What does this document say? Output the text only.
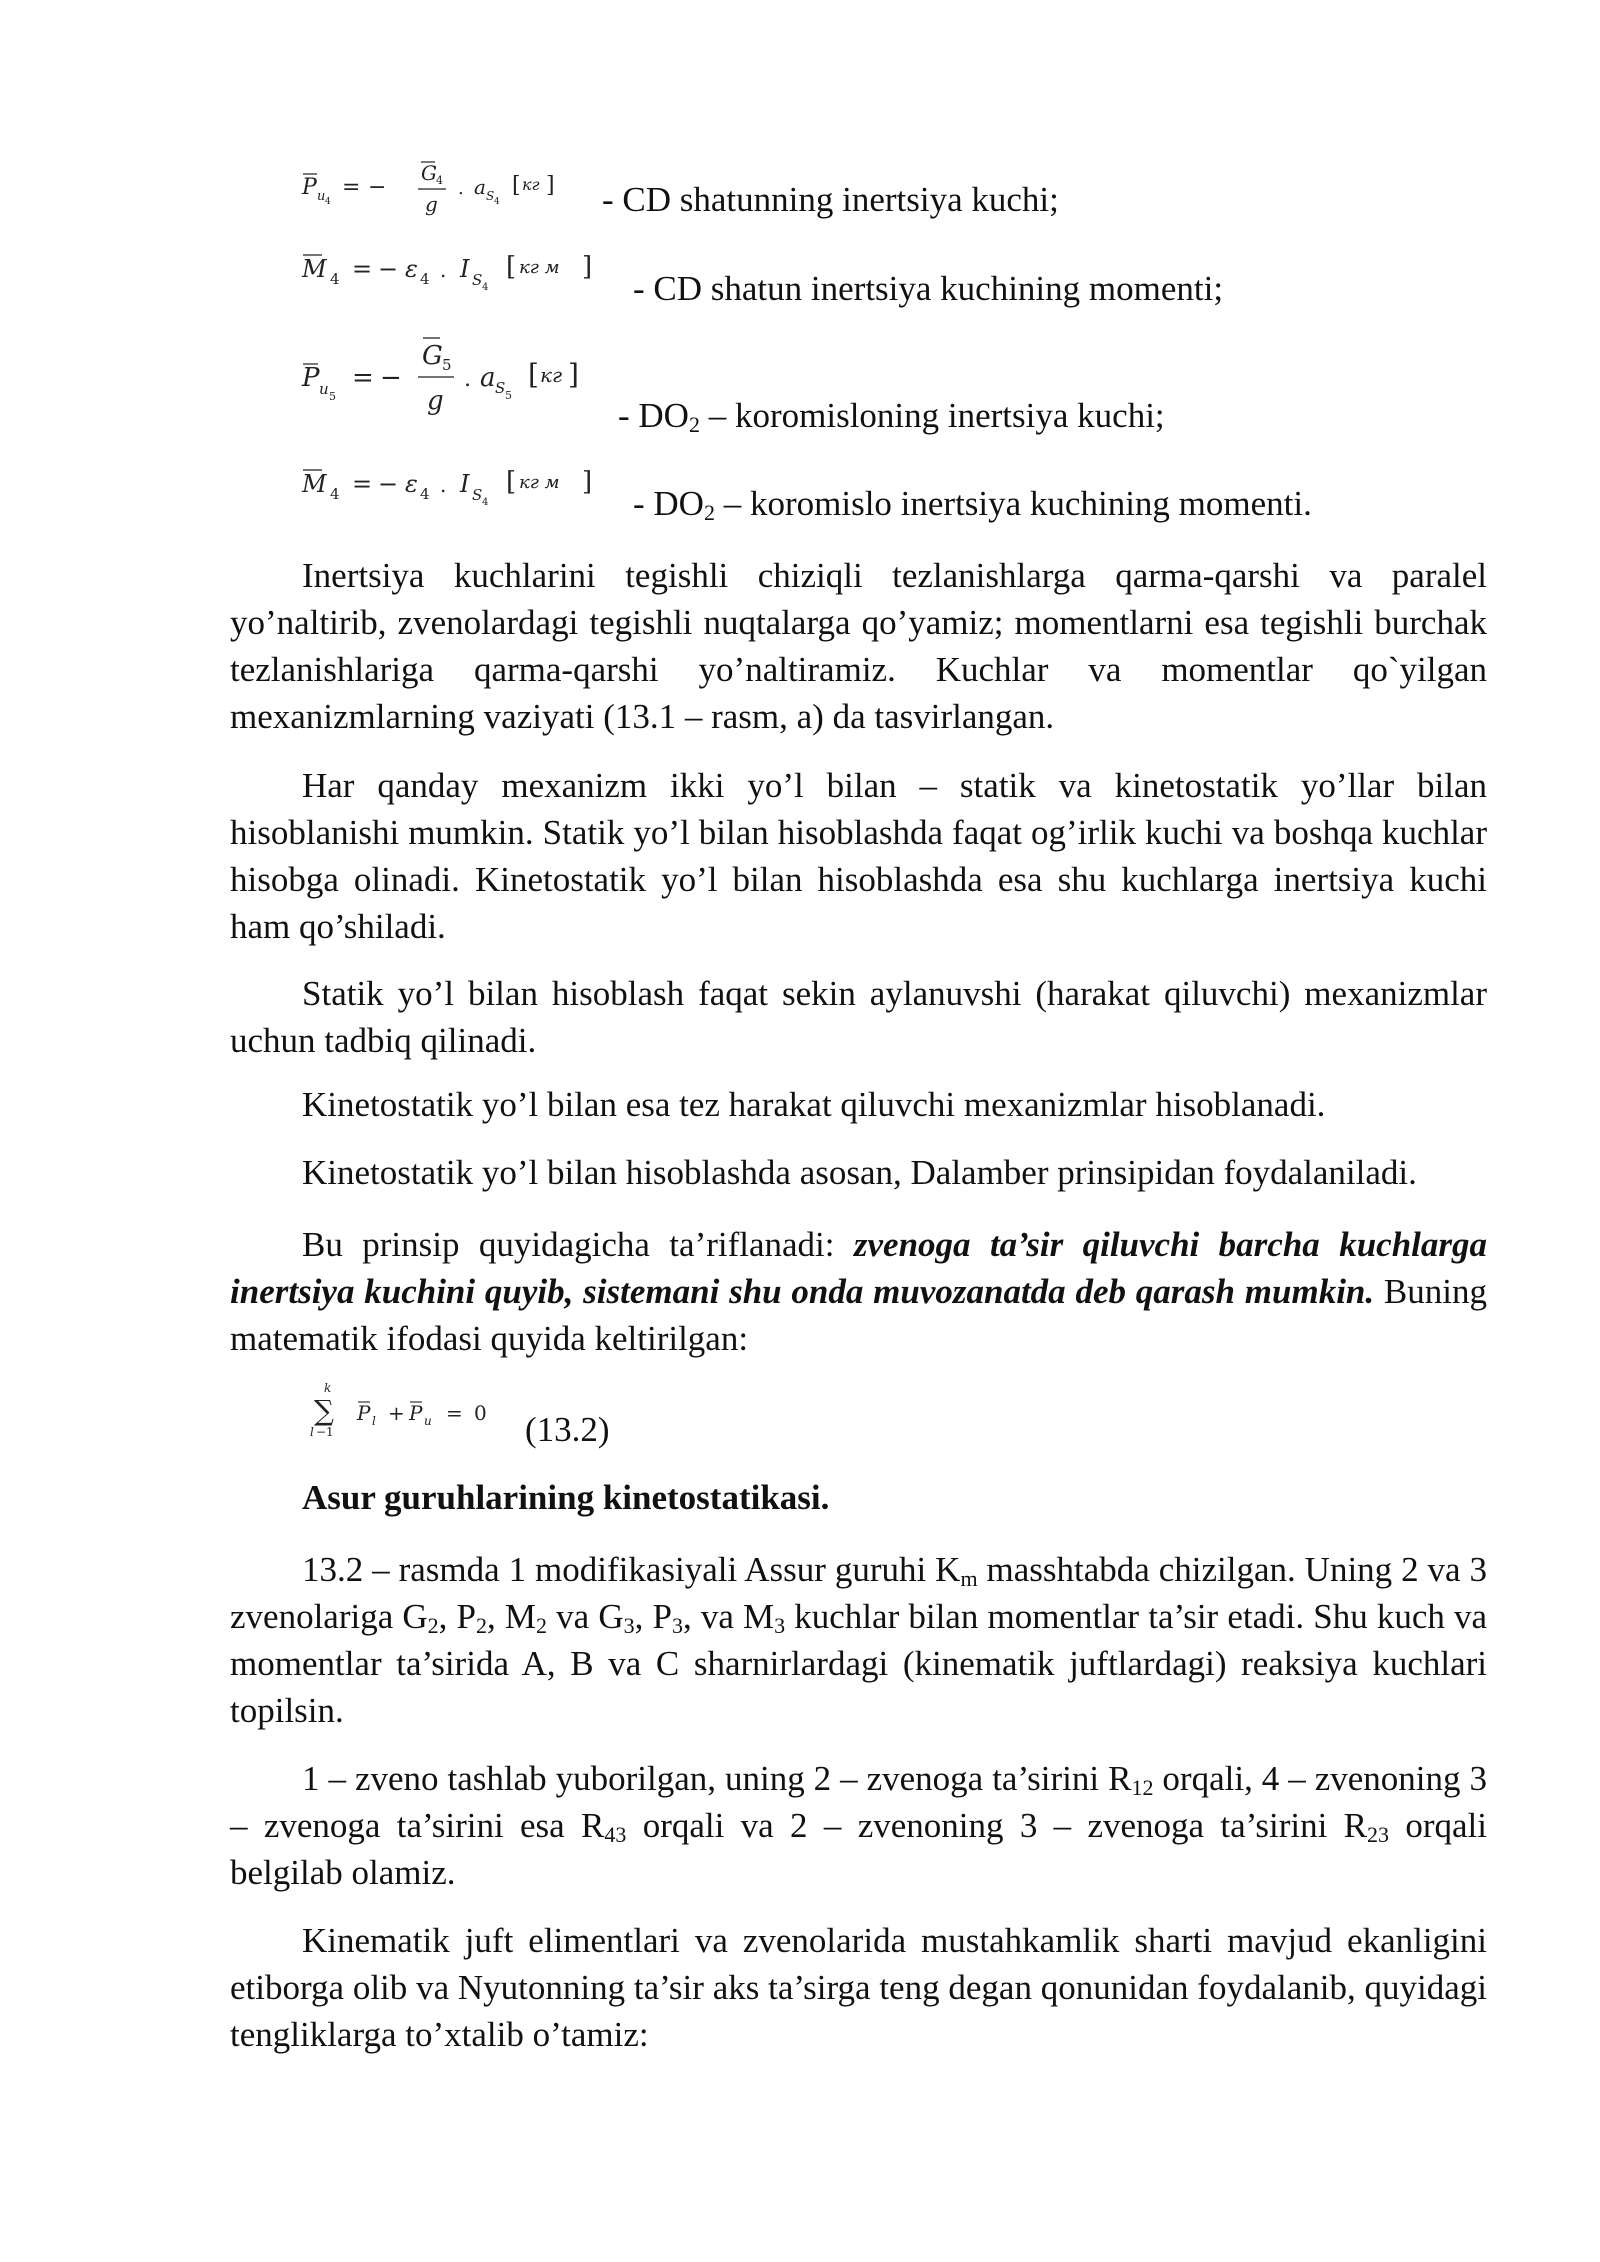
P u 4
= −
G 4
g
. a S 4
[ кг ] - CD shatunning inertsiya kuchi;
M 4 = − ε 4 . I S 4
[ кг м ]
- CD shatun inertsiya kuchining momenti;
P u 5
= −
G 5
g
. a S 5
[ кг ]
- $DO_2$ – koromisloning inertsiya kuchi;
M 4 = − ε 4 . I S 4
[ кг м ]
- $DO_2$ – koromislo inertsiya kuchining momenti.

Inertsiya kuchlarini tegishli chiziqli tezlanishlarga qarma-qarshi va paralel yo’naltirib, zvenolardagi tegishli nuqtalarga qo’yamiz; momentlarni esa tegishli burchak tezlanishlariga qarma-qarshi yo’naltiramiz. Kuchlar va momentlar qo`yilgan mexanizmlarning vaziyati (13.1 – rasm, a) da tasvirlangan.

Har qanday mexanizm ikki yo’l bilan – statik va kinetostatik yo’llar bilan hisoblanishi mumkin. Statik yo’l bilan hisoblashda faqat og’irlik kuchi va boshqa kuchlar hisobga olinadi. Kinetostatik yo’l bilan hisoblashda esa shu kuchlarga inertsiya kuchi ham qo’shiladi.

Statik yo’l bilan hisoblash faqat sekin aylanuvshi (harakat qiluvchi) mexanizmlar uchun tadbiq qilinadi.

Kinetostatik yo’l bilan esa tez harakat qiluvchi mexanizmlar hisoblanadi.

Kinetostatik yo’l bilan hisoblashda asosan, Dalamber prinsipidan foydalaniladi.

Bu prinsip quyidagicha ta’riflanadi: zvenoga ta’sir qiluvchi barcha kuchlarga inertsiya kuchini quyib, sistemani shu onda muvozanatda deb qarash mumkin. Buning matematik ifodasi quyida keltirilgan:

k
∑
l − 1
P l + P u = 0 (13.2)

Asur guruhlarining kinetostatikasi.

13.2 – rasmda 1 modifikasiyali Assur guruhi $K_m$ masshtabda chizilgan. Uning 2 va 3 zvenolariga $G_2$, $P_2$, $M_2$ va $G_3$, $P_3$, va $M_3$ kuchlar bilan momentlar ta’sir etadi. Shu kuch va momentlar ta’sirida A, B va C sharnirlardagi (kinematik juftlardagi) reaksiya kuchlari topilsin.

1 – zveno tashlab yuborilgan, uning 2 – zvenoga ta’sirini $R_{12}$ orqali, 4 – zvenoning 3 – zvenoga ta’sirini esa $R_{43}$ orqali va 2 – zvenoning 3 – zvenoga ta’sirini $R_{23}$ orqali belgilab olamiz.

Kinematik juft elimentlari va zvenolarida mustahkamlik sharti mavjud ekanligini etiborga olib va Nyutonning ta’sir aks ta’sirga teng degan qonunidan foydalanib, quyidagi tengliklarga to’xtalib o’tamiz:
